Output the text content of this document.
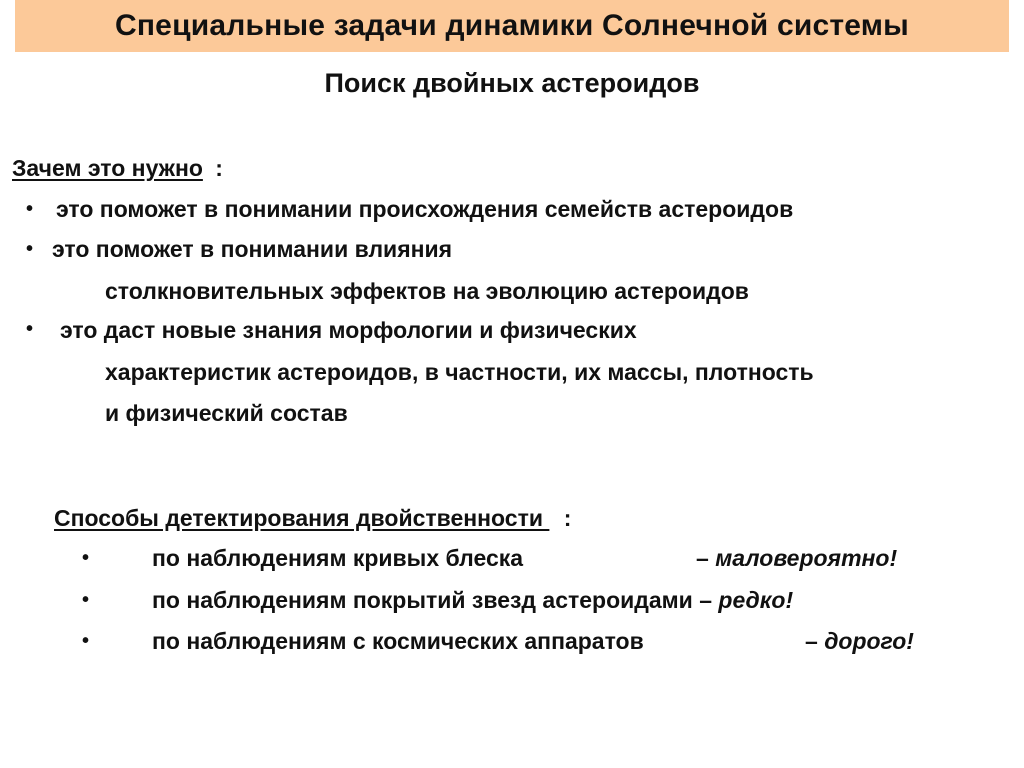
Специальные задачи динамики Солнечной системы
Поиск двойных астероидов
Зачем это нужно :
• это поможет в понимании происхождения семейств астероидов
• это поможет в понимании влияния
столкновительных эффектов на эволюцию астероидов
• это даст новые знания морфологии и физических
характеристик астероидов, в частности, их массы, плотность
и физический состав
Способы детектирования двойственности  :
•	по наблюдениям кривых блеска	– маловероятно!
•	по наблюдениям покрытий звезд астероидами – редко!
•	по наблюдениям с космических аппаратов	– дорого!
